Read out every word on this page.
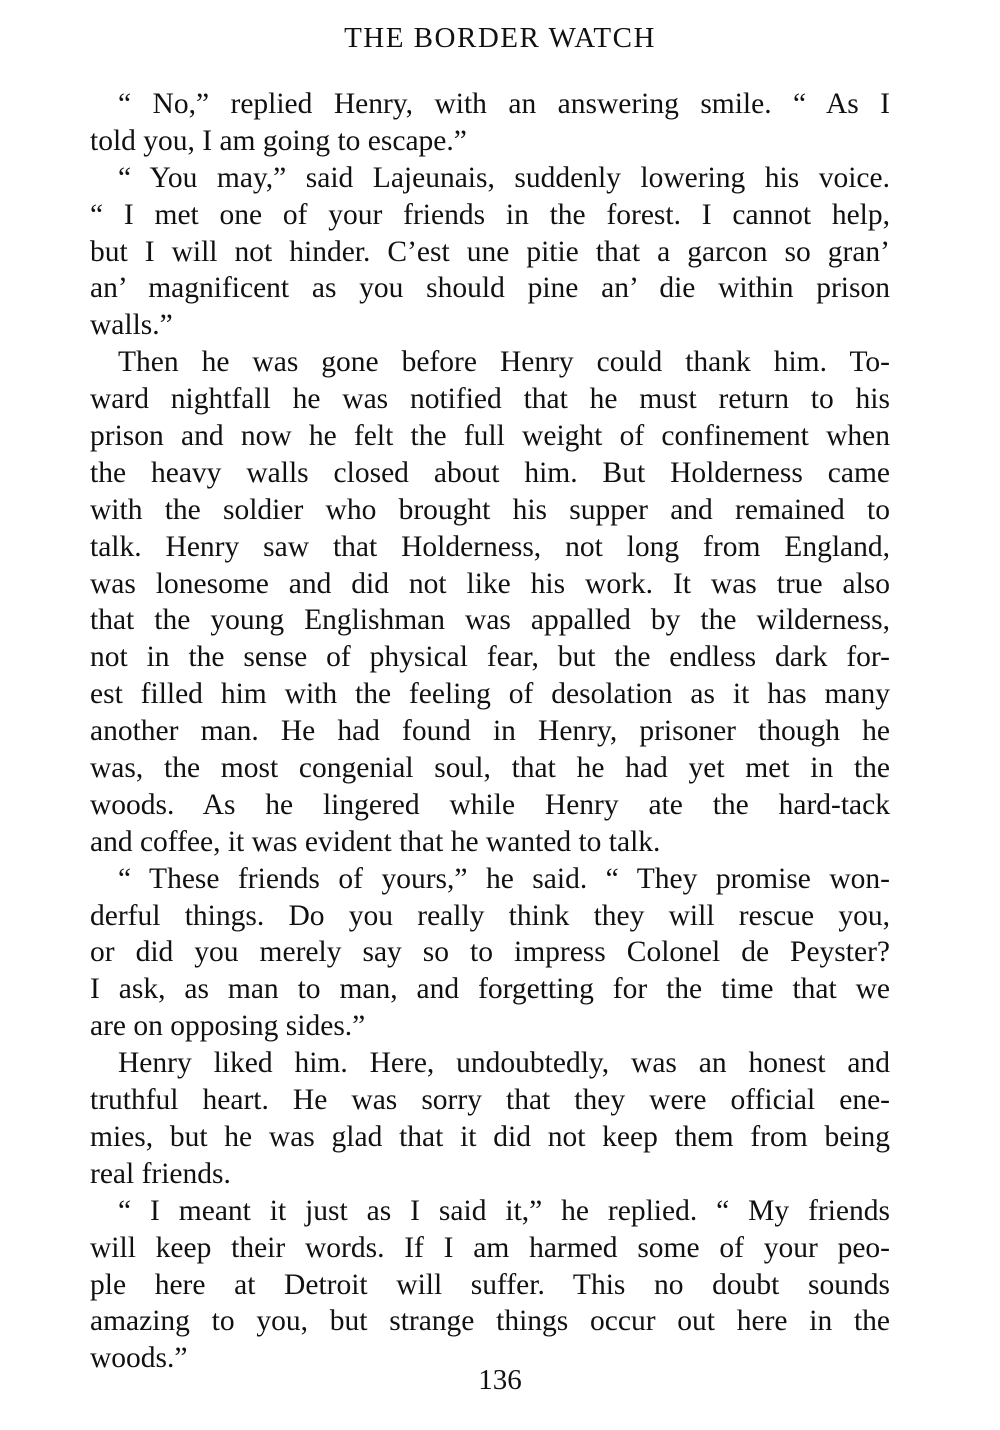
THE BORDER WATCH
“ No,” replied Henry, with an answering smile. “ As I
told you, I am going to escape.”
“ You may,” said Lajeunais, suddenly lowering his voice.
“ I met one of your friends in the forest. I cannot help,
but I will not hinder. C’est une pitie that a garcon so gran’
an’ magnificent as you should pine an’ die within prison
walls.”
Then he was gone before Henry could thank him. To-
ward nightfall he was notified that he must return to his
prison and now he felt the full weight of confinement when
the heavy walls closed about him. But Holderness came
with the soldier who brought his supper and remained to
talk. Henry saw that Holderness, not long from England,
was lonesome and did not like his work. It was true also
that the young Englishman was appalled by the wilderness,
not in the sense of physical fear, but the endless dark for-
est filled him with the feeling of desolation as it has many
another man. He had found in Henry, prisoner though he
was, the most congenial soul, that he had yet met in the
woods. As he lingered while Henry ate the hard-tack
and coffee, it was evident that he wanted to talk.
“ These friends of yours,” he said. “ They promise won-
derful things. Do you really think they will rescue you,
or did you merely say so to impress Colonel de Peyster?
I ask, as man to man, and forgetting for the time that we
are on opposing sides.”
Henry liked him. Here, undoubtedly, was an honest and
truthful heart. He was sorry that they were official ene-
mies, but he was glad that it did not keep them from being
real friends.
“ I meant it just as I said it,” he replied. “ My friends
will keep their words. If I am harmed some of your peo-
ple here at Detroit will suffer. This no doubt sounds
amazing to you, but strange things occur out here in the
woods.”
136
